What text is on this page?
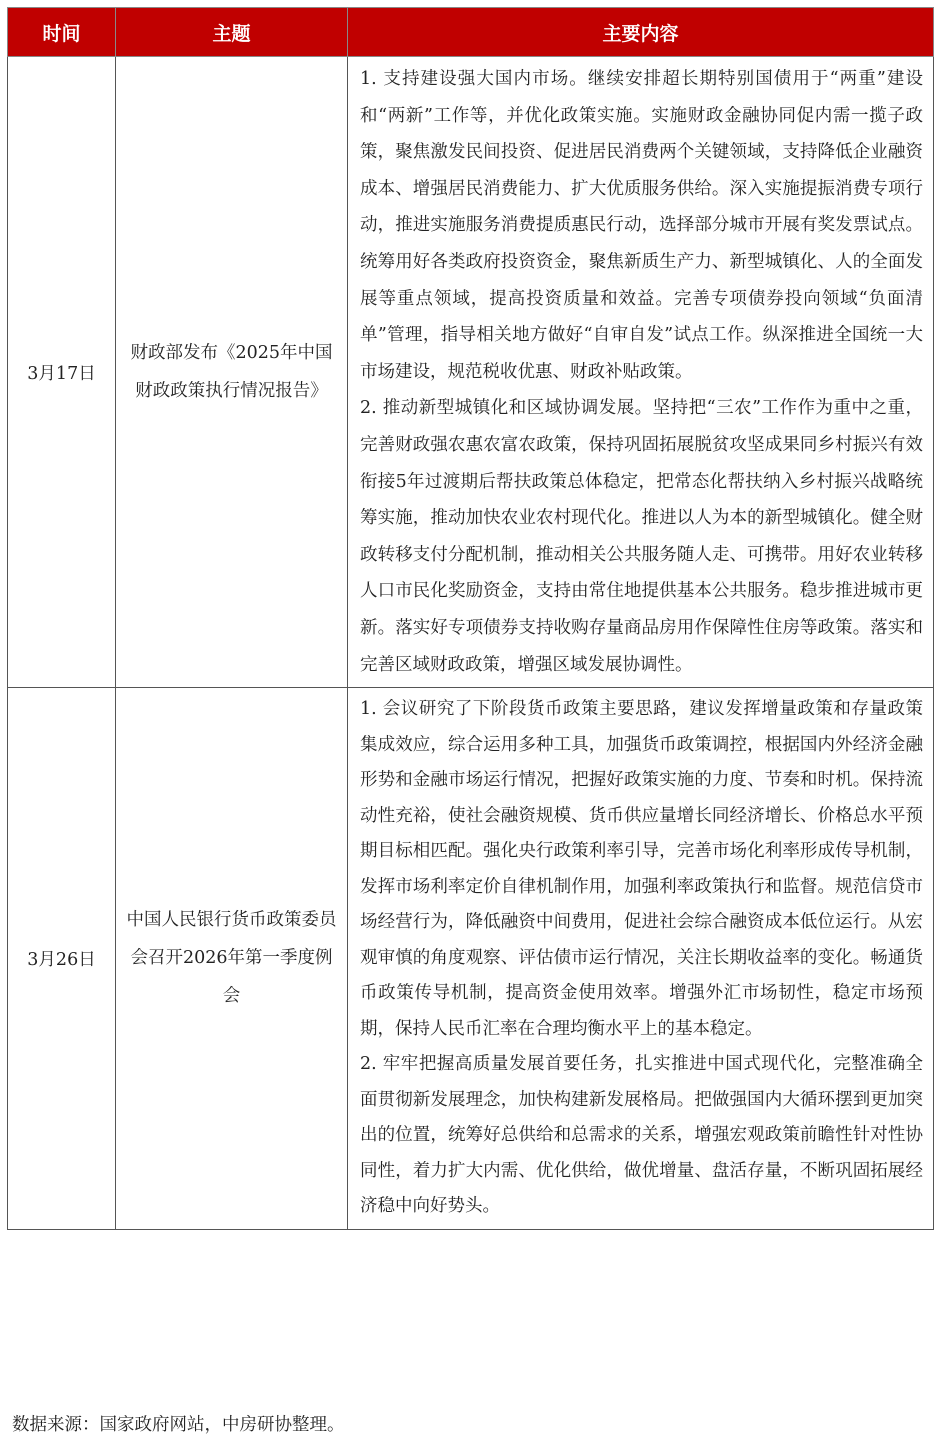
时间	主题	主要内容
3月17日	财政部发布《2025年中国财政政策执行情况报告》	1. 支持建设强大国内市场。继续安排超长期特别国债用于“两重”建设和“两新”工作等，并优化政策实施。实施财政金融协同促内需一揽子政策，聚焦激发民间投资、促进居民消费两个关键领域，支持降低企业融资成本、增强居民消费能力、扩大优质服务供给。深入实施提振消费专项行动，推进实施服务消费提质惠民行动，选择部分城市开展有奖发票试点。统筹用好各类政府投资资金，聚焦新质生产力、新型城镇化、人的全面发展等重点领域，提高投资质量和效益。完善专项债券投向领域“负面清单”管理，指导相关地方做好“自审自发”试点工作。纵深推进全国统一大市场建设，规范税收优惠、财政补贴政策。

2. 推动新型城镇化和区域协调发展。坚持把“三农”工作作为重中之重，完善财政强农惠农富农政策，保持巩固拓展脱贫攻坚成果同乡村振兴有效衔接5年过渡期后帮扶政策总体稳定，把常态化帮扶纳入乡村振兴战略统筹实施，推动加快农业农村现代化。推进以人为本的新型城镇化。健全财政转移支付分配机制，推动相关公共服务随人走、可携带。用好农业转移人口市民化奖励资金，支持由常住地提供基本公共服务。稳步推进城市更新。落实好专项债券支持收购存量商品房用作保障性住房等政策。落实和完善区域财政政策，增强区域发展协调性。

3月26日	中国人民银行货币政策委员会召开2026年第一季度例会	1. 会议研究了下阶段货币政策主要思路，建议发挥增量政策和存量政策集成效应，综合运用多种工具，加强货币政策调控，根据国内外经济金融形势和金融市场运行情况，把握好政策实施的力度、节奏和时机。保持流动性充裕，使社会融资规模、货币供应量增长同经济增长、价格总水平预期目标相匹配。强化央行政策利率引导，完善市场化利率形成传导机制，发挥市场利率定价自律机制作用，加强利率政策执行和监督。规范信贷市场经营行为，降低融资中间费用，促进社会综合融资成本低位运行。从宏观审慎的角度观察、评估债市运行情况，关注长期收益率的变化。畅通货币政策传导机制，提高资金使用效率。增强外汇市场韧性，稳定市场预期，保持人民币汇率在合理均衡水平上的基本稳定。

2. 牢牢把握高质量发展首要任务，扎实推进中国式现代化，完整准确全面贯彻新发展理念，加快构建新发展格局。把做强国内大循环摆到更加突出的位置，统筹好总供给和总需求的关系，增强宏观政策前瞻性针对性协同性，着力扩大内需、优化供给，做优增量、盘活存量，不断巩固拓展经济稳中向好势头。

数据来源：国家政府网站，中房研协整理。
